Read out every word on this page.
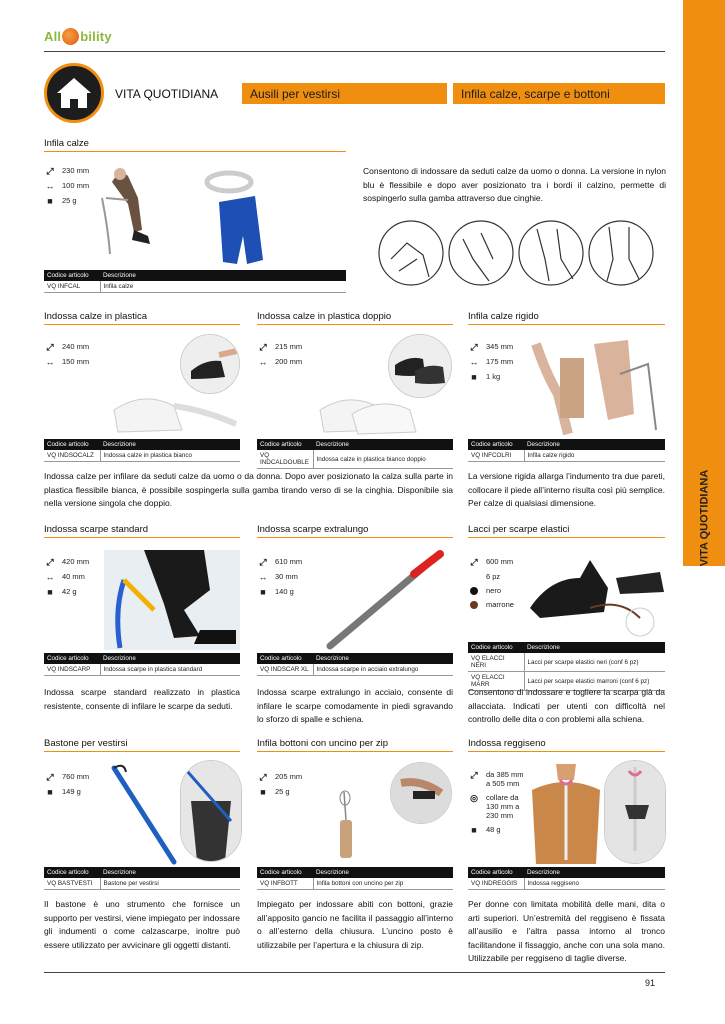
All bility
VITA QUOTIDIANA
VITA QUOTIDIANA	Ausili per vestirsi	Infila calze, scarpe e bottoni
Infila calze
⤢	230 mm
↔ 100 mm
■	25 g
Codice articolo	Descrizione
VQ INFCAL	Infila calze
Consentono di indossare da seduti calze da uomo o donna. La versione in nylon blu è flessibile e dopo aver posizionato tra i bordi il calzino, permette di sospingerlo sulla gamba attraverso due cinghie.
Indossa calze in plastica
⤢	240 mm
↔ 150 mm
Codice articolo	Descrizione
VQ INDSOCALZ	Indossa calze in plastica bianco
Indossa calze in plastica doppio
⤢	215 mm
↔ 200 mm
Codice articolo	Descrizione
VQ INDCALDOUBLE	Indossa calze in plastica bianco doppio
Infila calze rigido
⤢	345 mm
↔ 175 mm
■	1 kg
Codice articolo	Descrizione
VQ INFCOLRI	Infila calze rigido
Indossa calze per infilare da seduti calze da uomo o da donna. Dopo aver posizionato la calza sulla parte in plastica flessibile bianca, è possibile sospingerla sulla gamba tirando verso di se la cinghia. Disponibile sia nella versione singola che doppio.
La versione rigida allarga l’indumento tra due pareti, collocare il piede all’interno risulta così più semplice. Per calze di qualsiasi dimensione.
Indossa scarpe standard
⤢	420 mm
↔ 40 mm
■	42 g
Codice articolo	Descrizione
VQ INDSCARP	Indossa scarpe in plastica standard
Indossa scarpe standard realizzato in plastica resistente, consente di infilare le scarpe da seduti.
Indossa scarpe extralungo
⤢	610 mm
↔ 30 mm
■	140 g
Codice articolo	Descrizione
VQ INDSCAR XL	Indossa scarpe in acciaio extralungo
Indossa scarpe extralungo in acciaio, consente di infilare le scarpe comodamente in piedi sgravando lo sforzo di spalle e schiena.
Lacci per scarpe elastici
⤢	600 mm
6 pz
nero
marrone
Codice articolo	Descrizione
VQ ELACCI NERI	Lacci per scarpe elastici neri (conf 6 pz)
VQ ELACCI MARR	Lacci per scarpe elastici marroni (conf 6 pz)
Consentono di indossare e togliere la scarpa già da allacciata. Indicati per utenti con difficoltà nel controllo delle dita o con problemi alla schiena.
Bastone per vestirsi
⤢	760 mm
■	149 g
Codice articolo	Descrizione
VQ BASTVESTI	Bastone per vestirsi
Il bastone è uno strumento che fornisce un supporto per vestirsi, viene impiegato per indossare gli indumenti o come calzascarpe, inoltre può essere utilizzato per avvicinare gli oggetti distanti.
Infila bottoni con uncino per zip
⤢	205 mm
■	25 g
Codice articolo	Descrizione
VQ INFBOTT	Infila bottoni con uncino per zip
Impiegato per indossare abiti con bottoni, grazie all’apposito gancio ne facilita il passaggio all’interno o all’esterno della chiusura. L’uncino posto è utilizzabile per l’apertura e la chiusura di zip.
Indossa reggiseno
⤢	da 385 mm a 505 mm
◎ collare da 130 mm a 230 mm
■	48 g
Codice articolo	Descrizione
VQ INDREGGIS	Indossa reggiseno
Per donne con limitata mobilità delle mani, dita o arti superiori. Un’estremità del reggiseno è fissata all’ausilio e l’altra passa intorno al tronco facilitandone il fissaggio, anche con una sola mano. Utilizzabile per reggiseno di taglie diverse.
91
